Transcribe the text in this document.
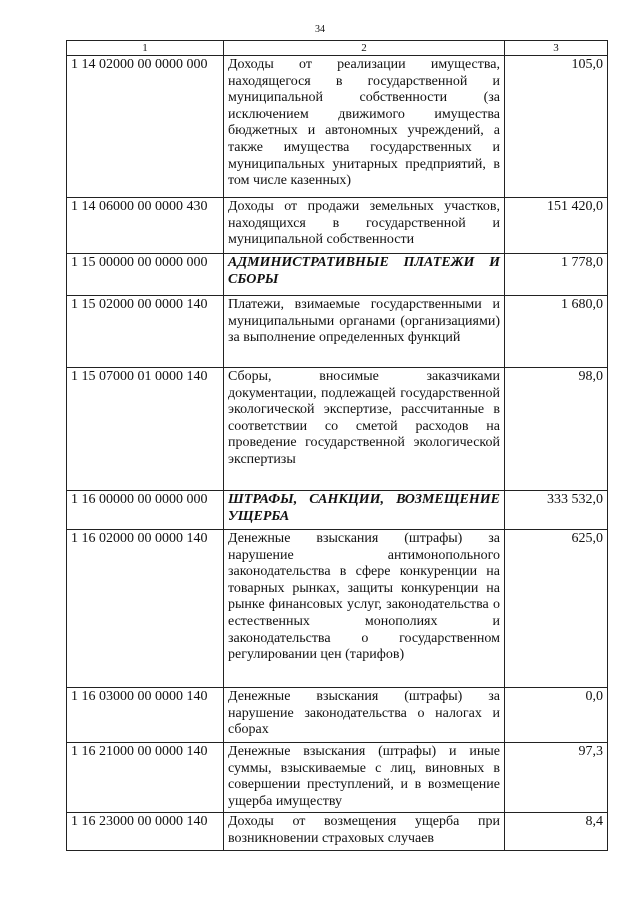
34
1	2	3
1 14 02000 00 0000 000	Доходы от реализации имущества, находящегося в государственной и муниципальной собственности (за исключением движимого имущества бюджетных и автономных учреждений, а также имущества государственных и муниципальных унитарных предприятий, в том числе казенных)	105,0
1 14 06000 00 0000 430	Доходы от продажи земельных участков, находящихся в государственной и муниципальной собственности	151 420,0
1 15 00000 00 0000 000	АДМИНИСТРАТИВНЫЕ ПЛАТЕЖИ И СБОРЫ	1 778,0
1 15 02000 00 0000 140	Платежи, взимаемые государственными и муниципальными органами (организациями) за выполнение определенных функций	1 680,0
1 15 07000 01 0000 140	Сборы, вносимые заказчиками документации, подлежащей государственной экологической экспертизе, рассчитанные в соответствии со сметой расходов на проведение государственной экологической экспертизы	98,0
1 16 00000 00 0000 000	ШТРАФЫ, САНКЦИИ, ВОЗМЕЩЕНИЕ УЩЕРБА	333 532,0
1 16 02000 00 0000 140	Денежные взыскания (штрафы) за нарушение антимонопольного законодательства в сфере конкуренции на товарных рынках, защиты конкуренции на рынке финансовых услуг, законодательства о естественных монополиях и законодательства о государственном регулировании цен (тарифов)	625,0
1 16 03000 00 0000 140	Денежные взыскания (штрафы) за нарушение законодательства о налогах и сборах	0,0
1 16 21000 00 0000 140	Денежные взыскания (штрафы) и иные суммы, взыскиваемые с лиц, виновных в совершении преступлений, и в возмещение ущерба имуществу	97,3
1 16 23000 00 0000 140	Доходы от возмещения ущерба при возникновении страховых случаев	8,4
